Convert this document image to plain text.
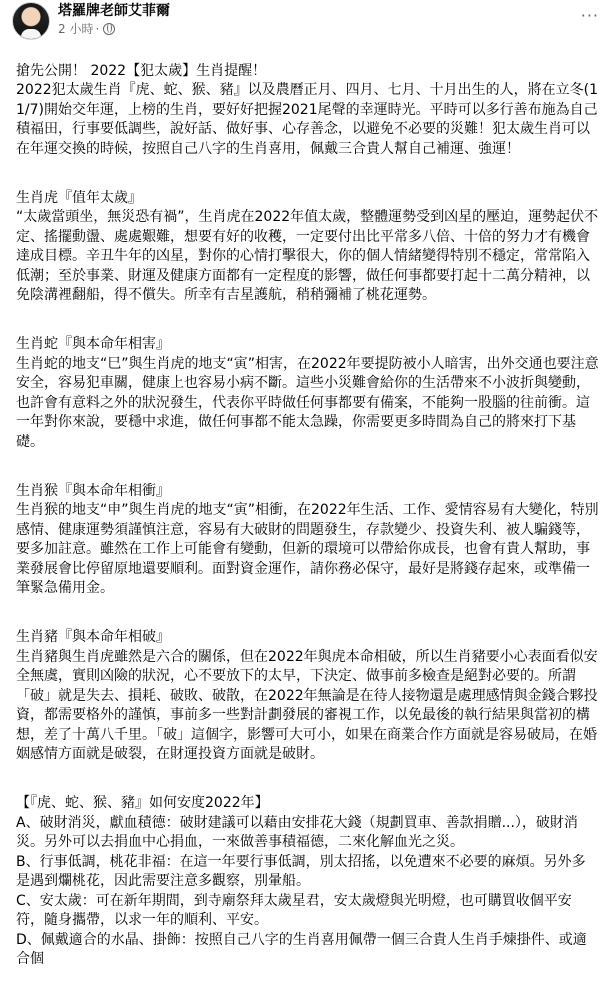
塔羅牌老師艾菲爾
2 小時 ·
···

搶先公開！ 2022【犯太歲】生肖提醒！
2022犯太歲生肖『虎、蛇、猴、豬』以及農曆正月、四月、七月、十月出生的人，將在立冬(11/7)開始交年運，上榜的生肖，要好好把握2021尾聲的幸運時光。平時可以多行善布施為自己積福田，行事要低調些，說好話、做好事、心存善念，以避免不必要的災難！犯太歲生肖可以在年運交換的時候，按照自己八字的生肖喜用，佩戴三合貴人幫自己補運、強運！

生肖虎『值年太歲』
“太歲當頭坐，無災恐有禍”，生肖虎在2022年值太歲，整體運勢受到凶星的壓迫，運勢起伏不定、搖擺動盪、處處艱難，想要有好的收穫，一定要付出比平常多八倍、十倍的努力才有機會達成目標。辛丑牛年的凶星，對你的心情打擊很大，你的個人情緒變得特別不穩定，常常陷入低潮；至於事業、財運及健康方面都有一定程度的影響，做任何事都要打起十二萬分精神，以免陰溝裡翻船，得不償失。所幸有吉星護航，稍稍彌補了桃花運勢。

生肖蛇『與本命年相害』
生肖蛇的地支“巳”與生肖虎的地支“寅”相害，在2022年要提防被小人暗害，出外交通也要注意安全，容易犯車關，健康上也容易小病不斷。這些小災難會給你的生活帶來不小波折與變動，也許會有意料之外的狀況發生，代表你平時做任何事都要有備案，不能夠一股腦的往前衝。這一年對你來說，要穩中求進，做任何事都不能太急躁，你需要更多時間為自己的將來打下基礎。

生肖猴『與本命年相衝』
生肖猴的地支“申”與生肖虎的地支“寅”相衝，在2022年生活、工作、愛情容易有大變化，特別感情、健康運勢須謹慎注意，容易有大破財的問題發生，存款變少、投資失利、被人騙錢等，要多加註意。雖然在工作上可能會有變動，但新的環境可以帶給你成長，也會有貴人幫助，事業發展會比停留原地還要順利。面對資金運作，請你務必保守，最好是將錢存起來，或準備一筆緊急備用金。

生肖豬『與本命年相破』
生肖豬與生肖虎雖然是六合的關係，但在2022年與虎本命相破，所以生肖豬要小心表面看似安全無虞，實則凶險的狀況，心不要放下的太早，下決定、做事前多檢查是絕對必要的。所謂「破」就是失去、損耗、破敗、破散，在2022年無論是在待人接物還是處理感情與金錢合夥投資，都需要格外的謹慎，事前多一些對計劃發展的審視工作，以免最後的執行結果與當初的構想，差了十萬八千里。「破」這個字，影響可大可小，如果在商業合作方面就是容易破局，在婚姻感情方面就是破裂，在財運投資方面就是破財。

【『虎、蛇、猴、豬』如何安度2022年】
A、破財消災，獻血積德：破財建議可以藉由安排花大錢（規劃買車、善款捐贈...），破財消災。另外可以去捐血中心捐血，一來做善事積福德，二來化解血光之災。
B、行事低調，桃花非福：在這一年要行事低調，別太招搖，以免遭來不必要的麻煩。另外多是遇到爛桃花，因此需要注意多觀察，別暈船。
C、安太歲：可在新年期間，到寺廟祭拜太歲星君，安太歲燈與光明燈，也可購買收個平安符，隨身攜帶，以求一年的順利、平安。
D、佩戴適合的水晶、掛飾：按照自己八字的生肖喜用佩帶一個三合貴人生肖手煉掛件、或適合個
